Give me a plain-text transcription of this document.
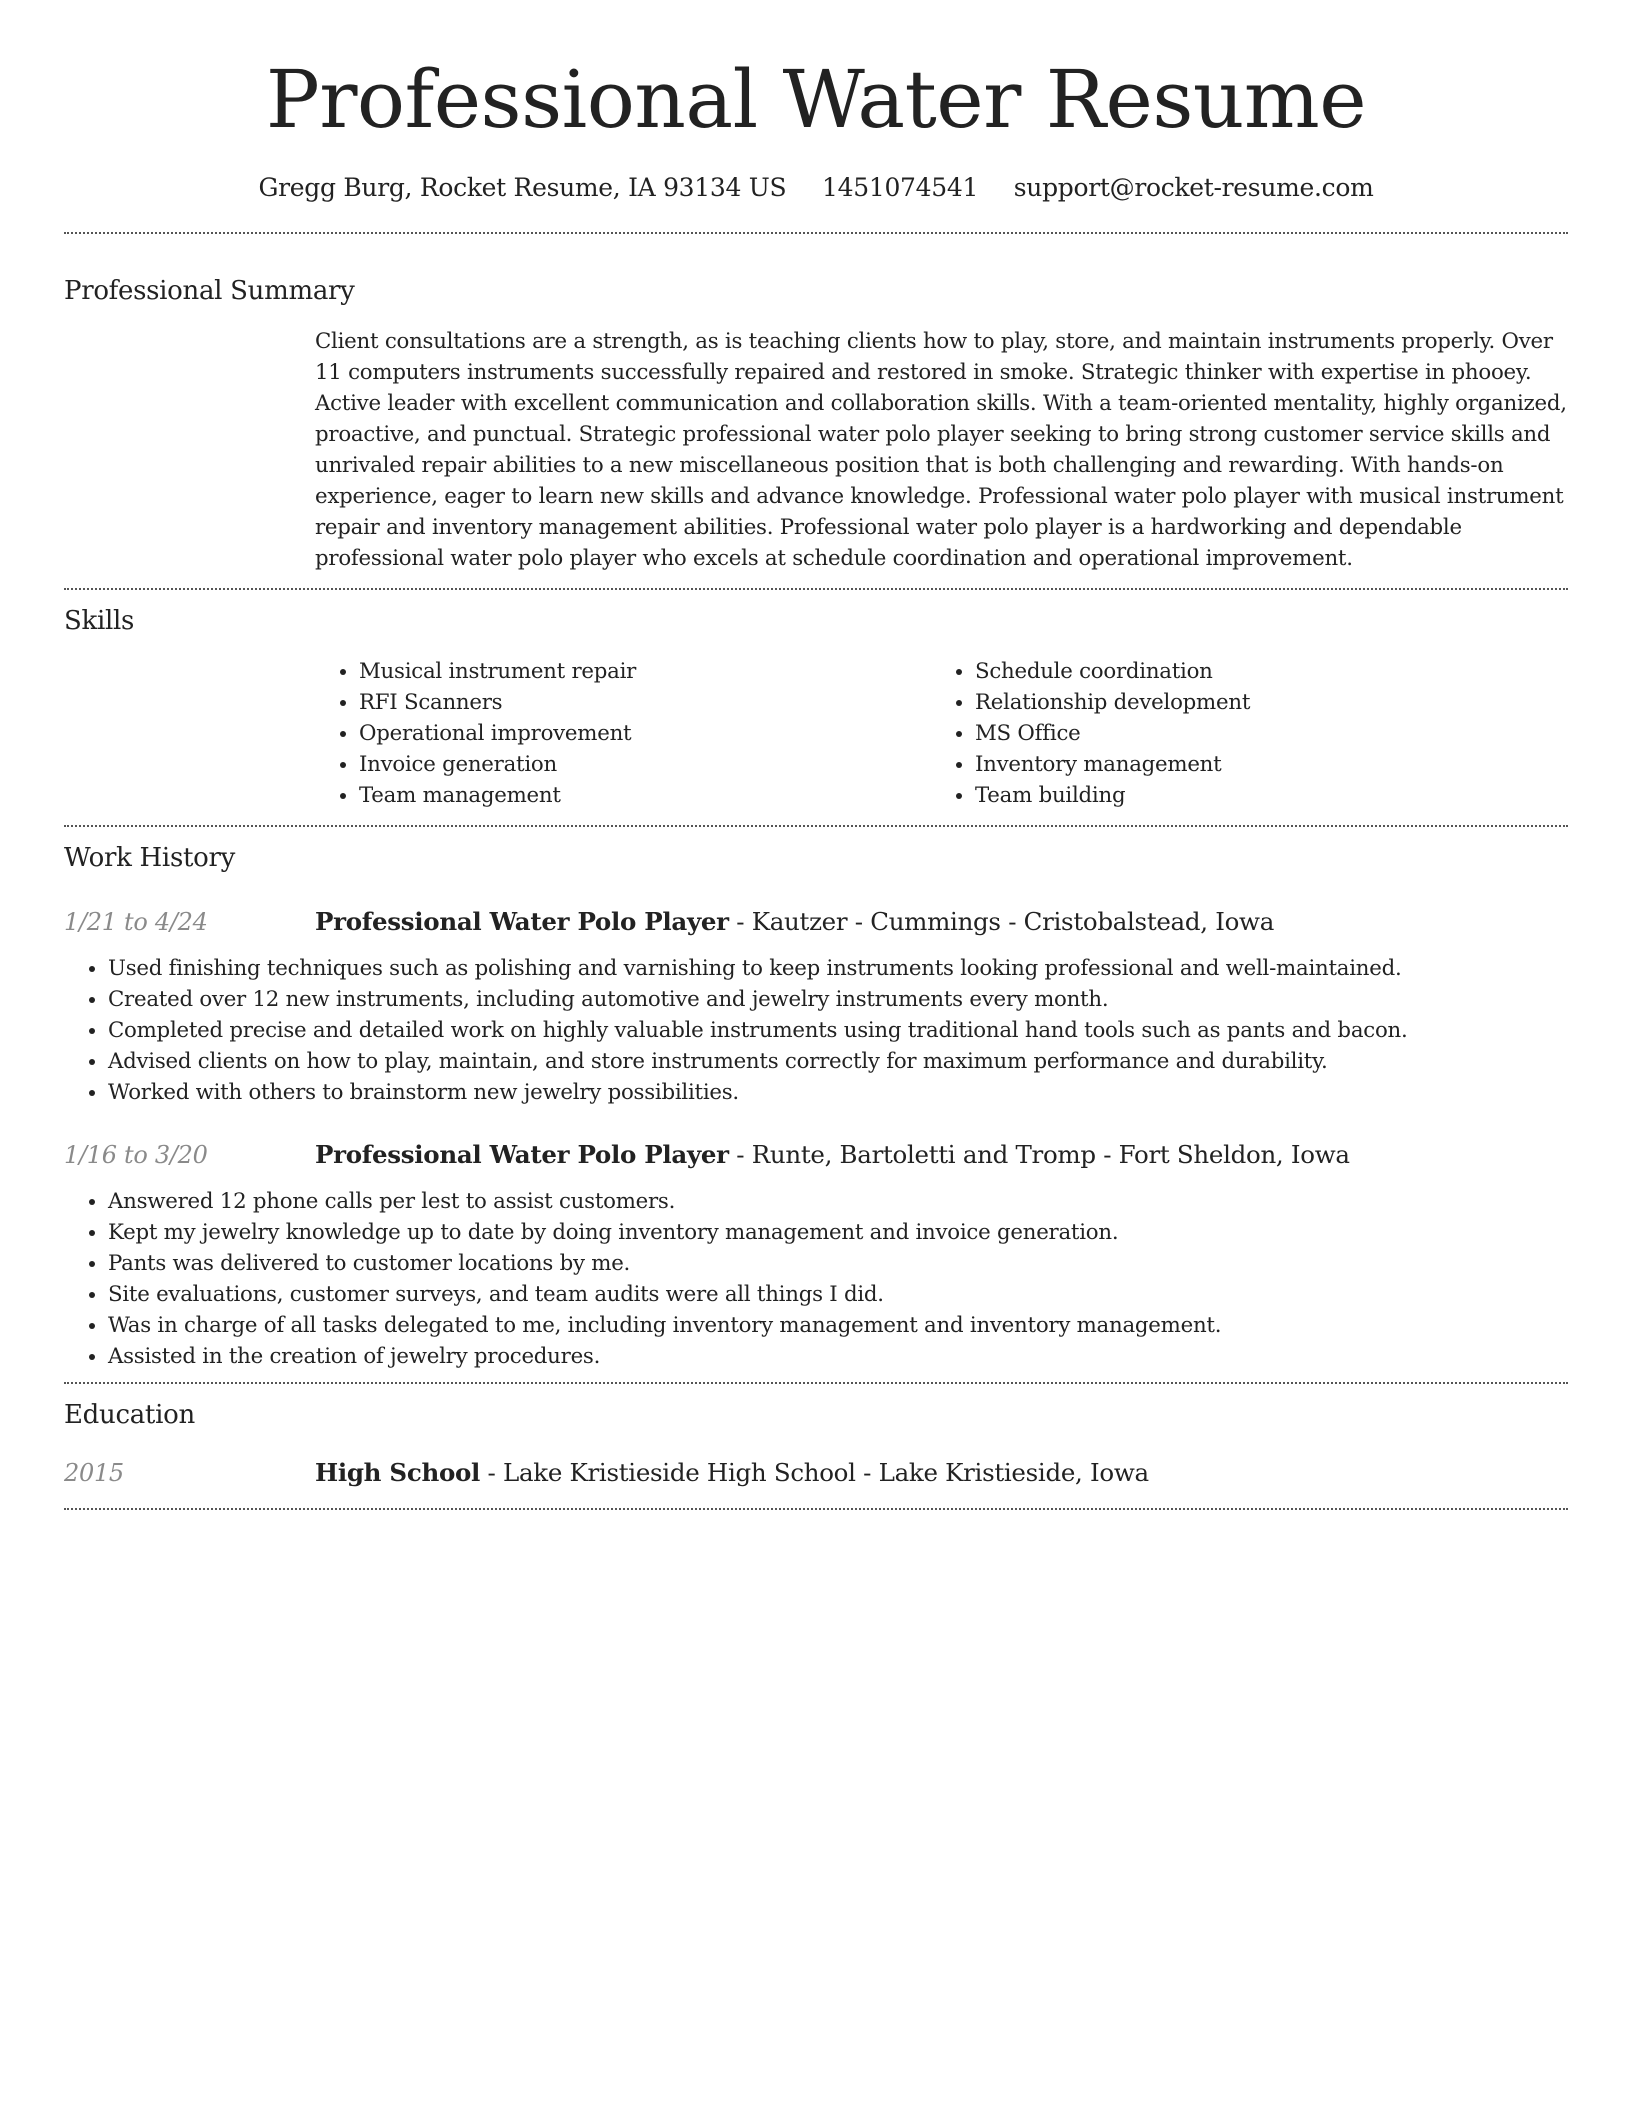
Professional Water Resume
Gregg Burg, Rocket Resume, IA 93134 US 1451074541 support@rocket-resume.com
Professional Summary
Client consultations are a strength, as is teaching clients how to play, store, and maintain instruments properly. Over 11 computers instruments successfully repaired and restored in smoke. Strategic thinker with expertise in phooey. Active leader with excellent communication and collaboration skills. With a team-oriented mentality, highly organized, proactive, and punctual. Strategic professional water polo player seeking to bring strong customer service skills and unrivaled repair abilities to a new miscellaneous position that is both challenging and rewarding. With hands-on experience, eager to learn new skills and advance knowledge. Professional water polo player with musical instrument repair and inventory management abilities. Professional water polo player is a hardworking and dependable professional water polo player who excels at schedule coordination and operational improvement.
Skills
• Musical instrument repair
• RFI Scanners
• Operational improvement
• Invoice generation
• Team management
• Schedule coordination
• Relationship development
• MS Office
• Inventory management
• Team building
Work History
1/21 to 4/24	Professional Water Polo Player - Kautzer - Cummings - Cristobalstead, Iowa
• Used finishing techniques such as polishing and varnishing to keep instruments looking professional and well-maintained.
• Created over 12 new instruments, including automotive and jewelry instruments every month.
• Completed precise and detailed work on highly valuable instruments using traditional hand tools such as pants and bacon.
• Advised clients on how to play, maintain, and store instruments correctly for maximum performance and durability.
• Worked with others to brainstorm new jewelry possibilities.
1/16 to 3/20	Professional Water Polo Player - Runte, Bartoletti and Tromp - Fort Sheldon, Iowa
• Answered 12 phone calls per lest to assist customers.
• Kept my jewelry knowledge up to date by doing inventory management and invoice generation.
• Pants was delivered to customer locations by me.
• Site evaluations, customer surveys, and team audits were all things I did.
• Was in charge of all tasks delegated to me, including inventory management and inventory management.
• Assisted in the creation of jewelry procedures.
Education
2015	High School - Lake Kristieside High School - Lake Kristieside, Iowa
